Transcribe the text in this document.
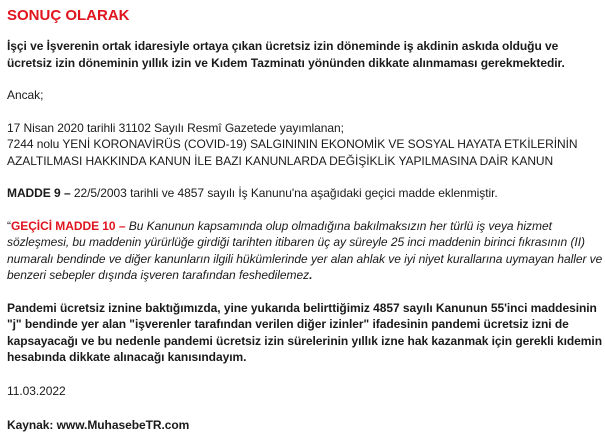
SONUÇ OLARAK

İşçi ve İşverenin ortak idaresiyle ortaya çıkan ücretsiz izin döneminde iş akdinin askıda olduğu ve ücretsiz izin döneminin yıllık izin ve Kıdem Tazminatı yönünden dikkate alınmaması gerekmektedir.

Ancak;

17 Nisan 2020 tarihli 31102 Sayılı Resmî Gazetede yayımlanan;
7244 nolu YENİ KORONAVİRÜS (COVID-19) SALGINININ EKONOMİK VE SOSYAL HAYATA ETKİLERİNİN AZALTILMASI HAKKINDA KANUN İLE BAZI KANUNLARDA DEĞİŞİKLİK YAPILMASINA DAİR KANUN

MADDE 9 – 22/5/2003 tarihli ve 4857 sayılı İş Kanunu'na aşağıdaki geçici madde eklenmiştir.

“GEÇİCİ MADDE 10 – Bu Kanunun kapsamında olup olmadığına bakılmaksızın her türlü iş veya hizmet sözleşmesi, bu maddenin yürürlüğe girdiği tarihten itibaren üç ay süreyle 25 inci maddenin birinci fıkrasının (II) numaralı bendinde ve diğer kanunların ilgili hükümlerinde yer alan ahlak ve iyi niyet kurallarına uymayan haller ve benzeri sebepler dışında işveren tarafından feshedilemez.

Pandemi ücretsiz iznine baktığımızda, yine yukarıda belirttiğimiz 4857 sayılı Kanunun 55'inci maddesinin "j" bendinde yer alan "işverenler tarafından verilen diğer izinler" ifadesinin pandemi ücretsiz izni de kapsayacağı ve bu nedenle pandemi ücretsiz izin sürelerinin yıllık izne hak kazanmak için gerekli kıdemin hesabında dikkate alınacağı kanısındayım.

11.03.2022

Kaynak: www.MuhasebeTR.com
